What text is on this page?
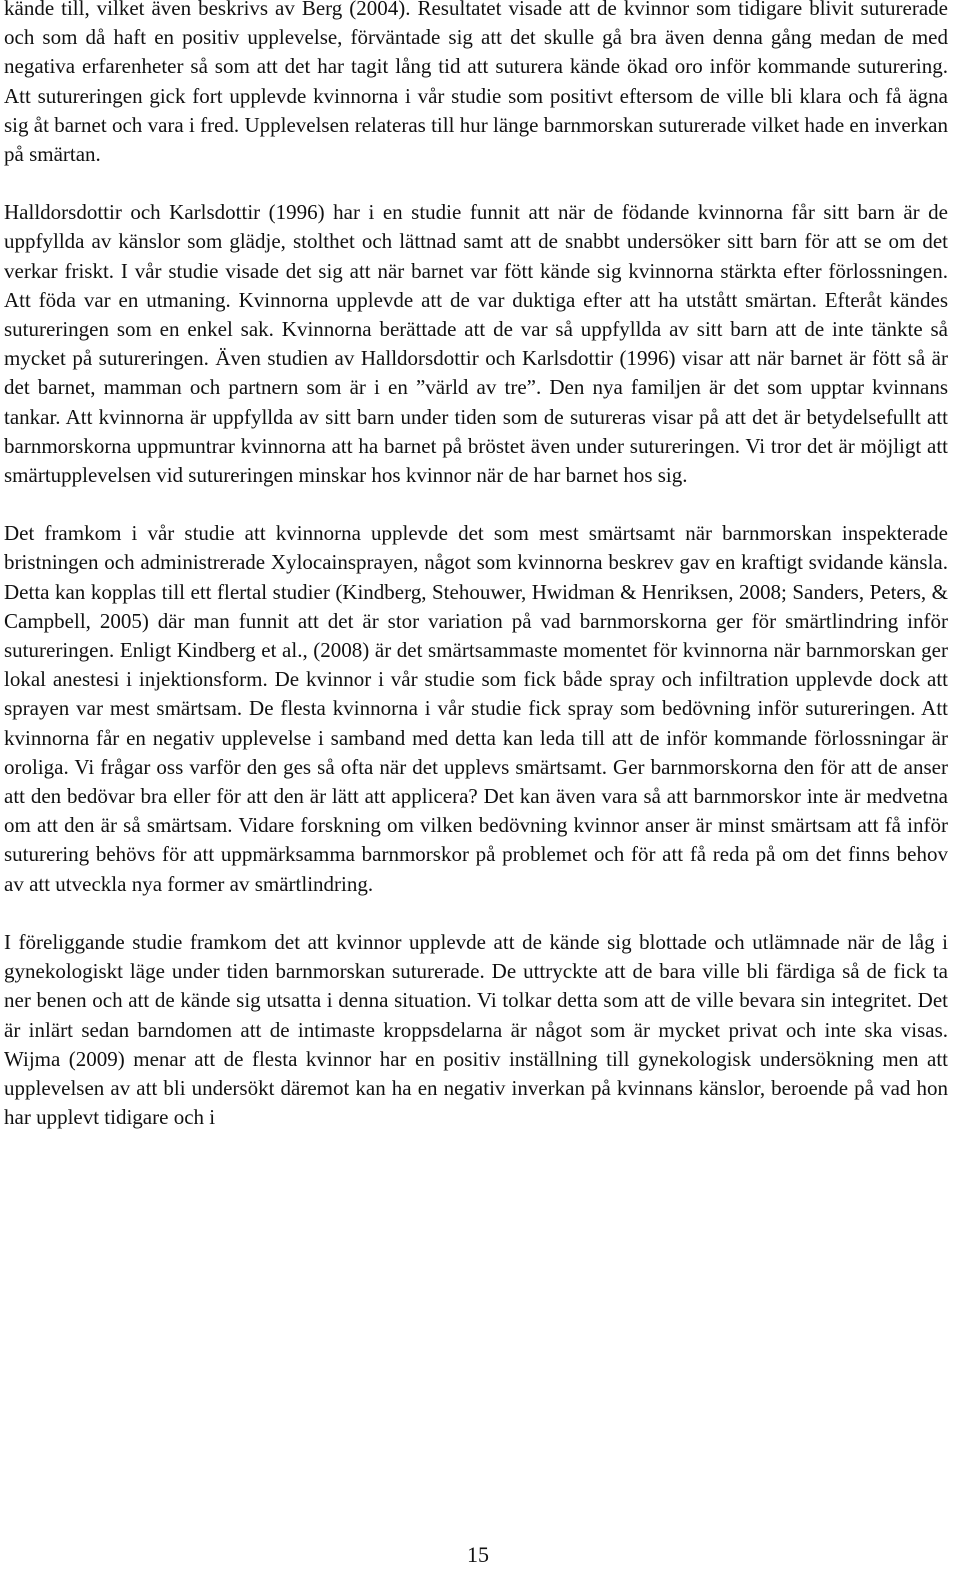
kände till, vilket även beskrivs av Berg (2004). Resultatet visade att de kvinnor som tidigare blivit suturerade och som då haft en positiv upplevelse, förväntade sig att det skulle gå bra även denna gång medan de med negativa erfarenheter så som att det har tagit lång tid att suturera kände ökad oro inför kommande suturering. Att sutureringen gick fort upplevde kvinnorna i vår studie som positivt eftersom de ville bli klara och få ägna sig åt barnet och vara i fred. Upplevelsen relateras till hur länge barnmorskan suturerade vilket hade en inverkan på smärtan.

Halldorsdottir och Karlsdottir (1996) har i en studie funnit att när de födande kvinnorna får sitt barn är de uppfyllda av känslor som glädje, stolthet och lättnad samt att de snabbt undersöker sitt barn för att se om det verkar friskt. I vår studie visade det sig att när barnet var fött kände sig kvinnorna stärkta efter förlossningen. Att föda var en utmaning. Kvinnorna upplevde att de var duktiga efter att ha utstått smärtan. Efteråt kändes sutureringen som en enkel sak. Kvinnorna berättade att de var så uppfyllda av sitt barn att de inte tänkte så mycket på sutureringen. Även studien av Halldorsdottir och Karlsdottir (1996) visar att när barnet är fött så är det barnet, mamman och partnern som är i en ”värld av tre”. Den nya familjen är det som upptar kvinnans tankar. Att kvinnorna är uppfyllda av sitt barn under tiden som de sutureras visar på att det är betydelsefullt att barnmorskorna uppmuntrar kvinnorna att ha barnet på bröstet även under sutureringen. Vi tror det är möjligt att smärtupplevelsen vid sutureringen minskar hos kvinnor när de har barnet hos sig.

Det framkom i vår studie att kvinnorna upplevde det som mest smärtsamt när barnmorskan inspekterade bristningen och administrerade Xylocainsprayen, något som kvinnorna beskrev gav en kraftigt svidande känsla. Detta kan kopplas till ett flertal studier (Kindberg, Stehouwer, Hwidman & Henriksen, 2008; Sanders, Peters, & Campbell, 2005) där man funnit att det är stor variation på vad barnmorskorna ger för smärtlindring inför sutureringen. Enligt Kindberg et al., (2008) är det smärtsammaste momentet för kvinnorna när barnmorskan ger lokal anestesi i injektionsform. De kvinnor i vår studie som fick både spray och infiltration upplevde dock att sprayen var mest smärtsam. De flesta kvinnorna i vår studie fick spray som bedövning inför sutureringen. Att kvinnorna får en negativ upplevelse i samband med detta kan leda till att de inför kommande förlossningar är oroliga. Vi frågar oss varför den ges så ofta när det upplevs smärtsamt. Ger barnmorskorna den för att de anser att den bedövar bra eller för att den är lätt att applicera? Det kan även vara så att barnmorskor inte är medvetna om att den är så smärtsam. Vidare forskning om vilken bedövning kvinnor anser är minst smärtsam att få inför suturering behövs för att uppmärksamma barnmorskor på problemet och för att få reda på om det finns behov av att utveckla nya former av smärtlindring.

I föreliggande studie framkom det att kvinnor upplevde att de kände sig blottade och utlämnade när de låg i gynekologiskt läge under tiden barnmorskan suturerade. De uttryckte att de bara ville bli färdiga så de fick ta ner benen och att de kände sig utsatta i denna situation. Vi tolkar detta som att de ville bevara sin integritet. Det är inlärt sedan barndomen att de intimaste kroppsdelarna är något som är mycket privat och inte ska visas. Wijma (2009) menar att de flesta kvinnor har en positiv inställning till gynekologisk undersökning men att upplevelsen av att bli undersökt däremot kan ha en negativ inverkan på kvinnans känslor, beroende på vad hon har upplevt tidigare och i

15
